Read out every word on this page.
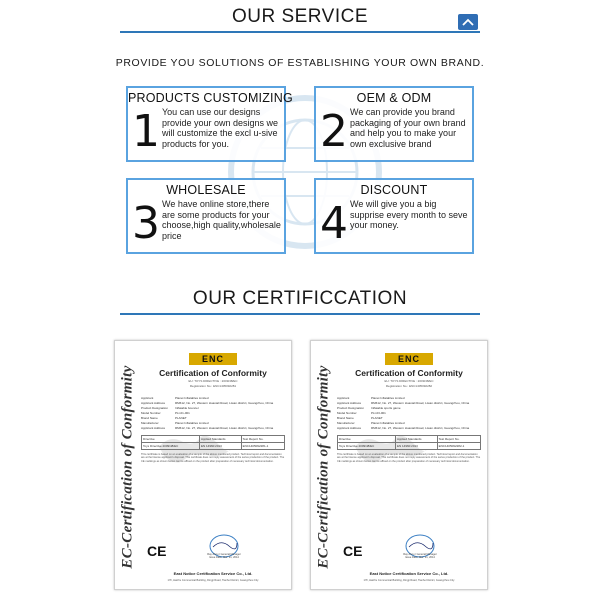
OUR SERVICE
PROVIDE YOU SOLUTIONS OF ESTABLISHING YOUR OWN BRAND.
PRODUCTS CUSTOMIZING
1 You can use our designs provide your own designs we will customize the excl u-sive products for you.
OEM & ODM
2 We can provide you brand packaging of your own brand and help you to make your own exclusive brand
WHOLESALE
3 We have online store,there are some products for your choose,high quality,wholesale price
DISCOUNT
4 We will give you a big supprise every month to seve your money.
OUR CERTIFICCATION
EC-Certification of Conformity
ENC
Certification of Conformity
EU: TOYS DIRECTIVE : 2009/48/EC
Registration No.: ENC1405092281
Applicant	Planet Inflatables Limited
Applicant Address	RM612, No. 27, Western Huaxiali Road, Liwan district, Guangzhou, China
Product Designation	Inflatable bouncer
Model Number	PLI-01-001
Brand Name	PLANET
Manufacturer	Planet Inflatables Limited
Applicant Address	RM612, No. 27, Western Huaxiali Road, Liwan district, Guangzhou, China
Directive	Applied Standards	Test Report No.
Toys Directive 2009/48/EC	EN 14960:2013	ENC1405092281-1
This certificate is based on an evaluation of a sample of the above mentioned product. Technical report and documentation are at the license applicant's disposal. This certificate does not imply assessment of the series production of the product. The CE markings as shown below can be affixed on the product after preparation of necessary technical documentation.
CE	Ray Zhou / General Manager
Issue Date: Mar. 31, 2014
East Notice Certification Service Co., Ltd.
17F, Haizhu Commercial Building, Dingji Road, Tianhe District, Guangzhou City
EC-Certification of Conformity
ENC
Certification of Conformity
EU: TOYS DIRECTIVE : 2009/48/EC
Registration No.: ENC1405092282
Applicant	Planet Inflatables Limited
Applicant Address	RM612, No. 27, Western Huaxiali Road, Liwan district, Guangzhou, China
Product Designation	Inflatable sports game
Model Number	PLI-03-001
Brand Name	PLANET
Manufacturer	Planet Inflatables Limited
Applicant Address	RM612, No. 27, Western Huaxiali Road, Liwan district, Guangzhou, China
Directive	Applied Standards	Test Report No.
Toys Directive 2009/48/EC	EN 14960:2013	ENC1405092282-1
This certificate is based on an evaluation of a sample of the above mentioned product. Technical report and documentation are at the license applicant's disposal. This certificate does not imply assessment of the series production of the product. The CE markings as shown below can be affixed on the product after preparation of necessary technical documentation.
CE	Ray Zhou / General Manager
Issue Date: Mar. 31, 2014
East Notice Certification Service Co., Ltd.
17F, Haizhu Commercial Building, Dingji Road, Tianhe District, Guangzhou City
